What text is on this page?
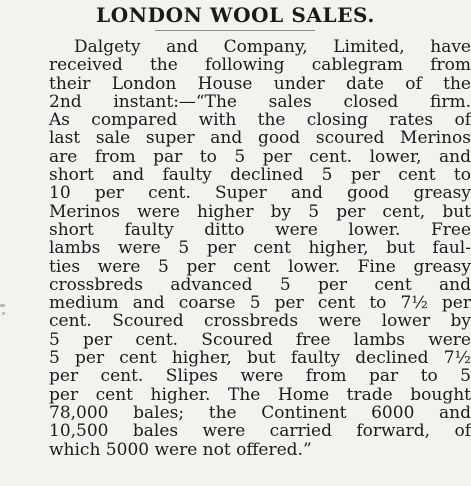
LONDON WOOL SALES.
Dalgety and Company, Limited, have
received the following cablegram from
their London House under date of the
2nd instant:—“The sales closed firm.
As compared with the closing rates of
last sale super and good scoured Merinos
are from par to 5 per cent. lower, and
short and faulty declined 5 per cent to
10 per cent. Super and good greasy
Merinos were higher by 5 per cent, but
short faulty ditto were lower. Free
lambs were 5 per cent higher, but faul-
ties were 5 per cent lower. Fine greasy
crossbreds advanced 5 per cent and
medium and coarse 5 per cent to 7½ per
cent. Scoured crossbreds were lower by
5 per cent. Scoured free lambs were
5 per cent higher, but faulty declined 7½
per cent. Slipes were from par to 5
per cent higher. The Home trade bought
78,000 bales; the Continent 6000 and
10,500 bales were carried forward, of
which 5000 were not offered.”
